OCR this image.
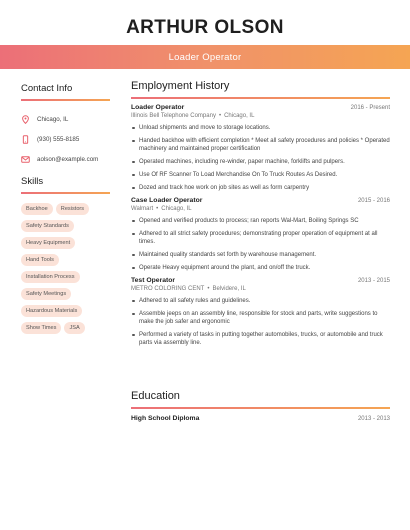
ARTHUR OLSON
Loader Operator
Contact Info
Chicago, IL
(930) 555-8185
aolson@example.com
Skills
Backhoe	Resistors
Safety Standards
Heavy Equipment
Hand Tools
Installation Process
Safety Meetings
Hazardous Materials
Show Times	JSA
Employment History
Loader Operator	2016 - Present
Illinois Bell Telephone Company • Chicago, IL
Unload shipments and move to storage locations.
Handed backhoe with efficient completion * Meet all safety procedures and policies * Operated machinery and maintained proper certification
Operated machines, including re-winder, paper machine, forklifts and pulpers.
Use Of RF Scanner To Load Merchandise On To Truck Routes As Desired.
Dozed and track hoe work on job sites as well as form carpentry
Case Loader Operator	2015 - 2016
Walmart • Chicago, IL
Opened and verified products to process; ran reports Wal-Mart, Boiling Springs SC
Adhered to all strict safety procedures; demonstrating proper operation of equipment at all times.
Maintained quality standards set forth by warehouse management.
Operate Heavy equipment around the plant, and on/off the truck.
Test Operator	2013 - 2015
METRO COLORING CENT • Belvidere, IL
Adhered to all safety rules and guidelines.
Assemble jeeps on an assembly line, responsible for stock and parts, write suggestions to make the job safer and ergonomic
Performed a variety of tasks in putting together automobiles, trucks, or automobile and truck parts via assembly line.
Education
High School Diploma	2013 - 2013
